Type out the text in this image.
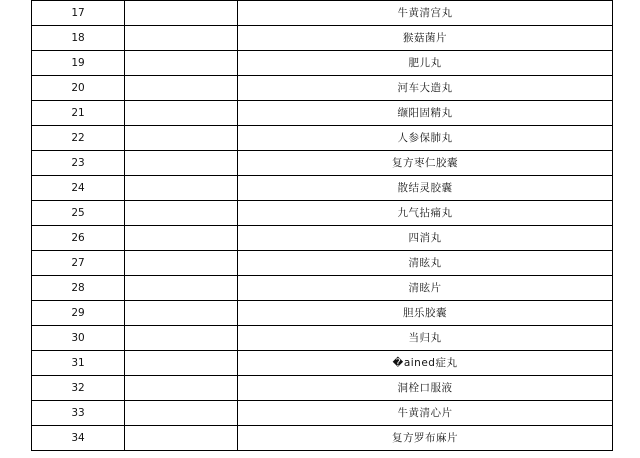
17		牛黄清宫丸
18		猴菇菌片
19		肥儿丸
20		河车大造丸
21		缬阳固精丸
22		人参保肺丸
23		复方枣仁胶囊
24		散结灵胶囊
25		九气拈痛丸
26		四消丸
27		清眩丸
28		清眩片
29		胆乐胶囊
30		当归丸
31		�ained症丸
32		洞栓口服液
33		牛黄清心片
34		复方罗布麻片
